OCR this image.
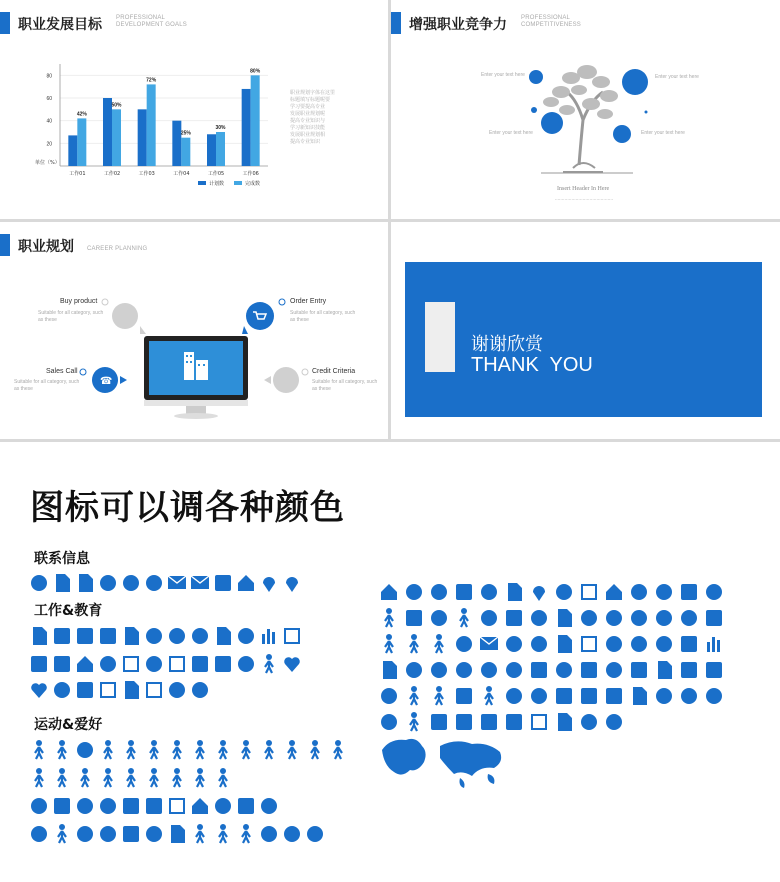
职业发展目标 PROFESSIONAL
DEVELOPMENT GOALS
20
40
60
80
单位（%）
42%
工作01
50%
工作02
72%
工作03
25%
工作04
30%
工作05
80%
工作06
计划数	完成数
职业规划字体在这里
标题填写标题呢要
学习要提高专业
发展职业规划呢
提高专业知识与
学习新知识技能
发展职业规划相
提高专业知识
增强职业竞争力 PROFESSIONAL
COMPETITIVENESS
Enter your text here
Enter your text here
Enter your text here
Enter your text here
Insert Header In Here
..........................................
职业规划 CAREER PLANNING
☎
Buy product	Order Entry
Sales Call	Credit Criteria
Suitable for all category, such as these
Suitable for all category, such as these
Suitable for all category, such as these
Suitable for all category, such as these
谢谢欣赏
THANK  YOU
图标可以调各种颜色
联系信息
工作&教育
运动&爱好
